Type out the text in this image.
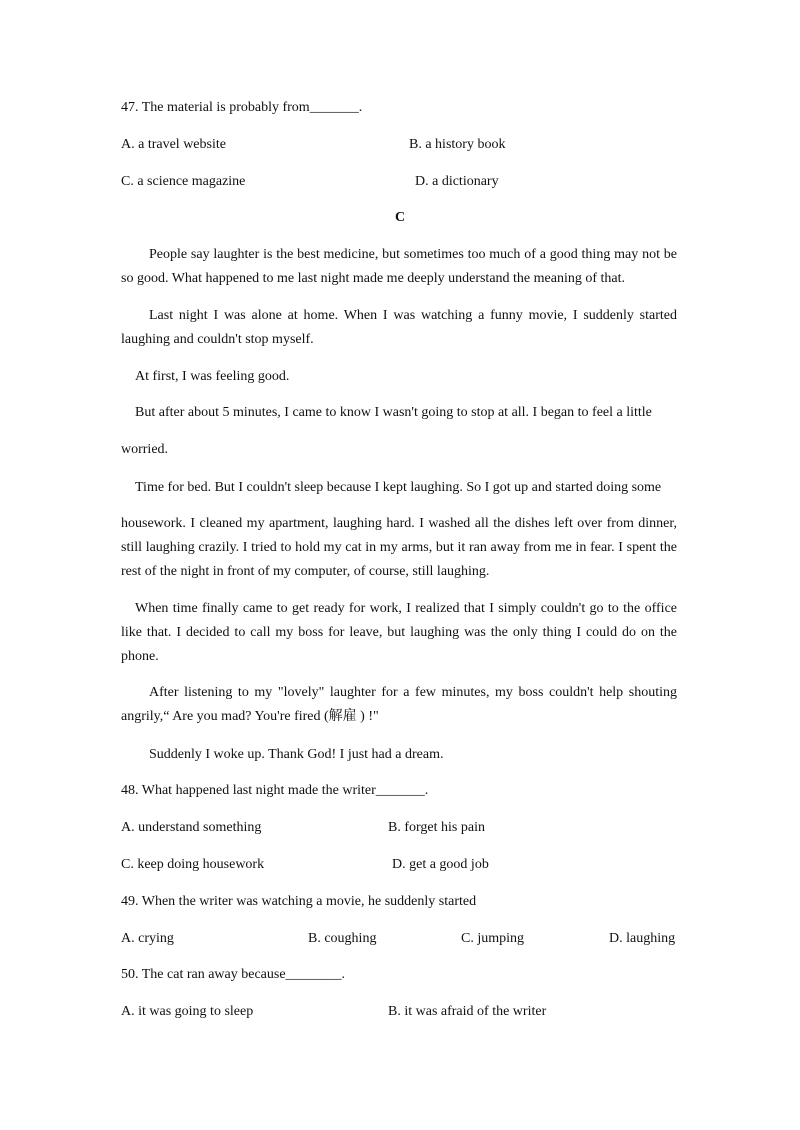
47. The material is probably from_______.
A. a travel website	B. a history book
C. a science magazine	D. a dictionary
C
People say laughter is the best medicine, but sometimes too much of a good thing may not be so good. What happened to me last night made me deeply understand the meaning of that.
Last night I was alone at home. When I was watching a funny movie, I suddenly started laughing and couldn't stop myself.
At first, I was feeling good.
But after about 5 minutes, I came to know I wasn't going to stop at all. I began to feel a little
worried.
Time for bed. But I couldn't sleep because I kept laughing. So I got up and started doing some
housework. I cleaned my apartment, laughing hard. I washed all the dishes left over from dinner, still laughing crazily. I tried to hold my cat in my arms, but it ran away from me in fear. I spent the rest of the night in front of my computer, of course, still laughing.
When time finally came to get ready for work, I realized that I simply couldn't go to the office like that. I decided to call my boss for leave, but laughing was the only thing I could do on the phone.
After listening to my "lovely" laughter for a few minutes, my boss couldn't help shouting angrily,“ Are you mad? You're fired (解雇 ) !"
Suddenly I woke up. Thank God! I just had a dream.
48. What happened last night made the writer_______.
A. understand something	B. forget his pain
C. keep doing housework	D. get a good job
49. When the writer was watching a movie, he suddenly started
A. crying	B. coughing	C. jumping	D. laughing
50. The cat ran away because________.
A. it was going to sleep	B. it was afraid of the writer
